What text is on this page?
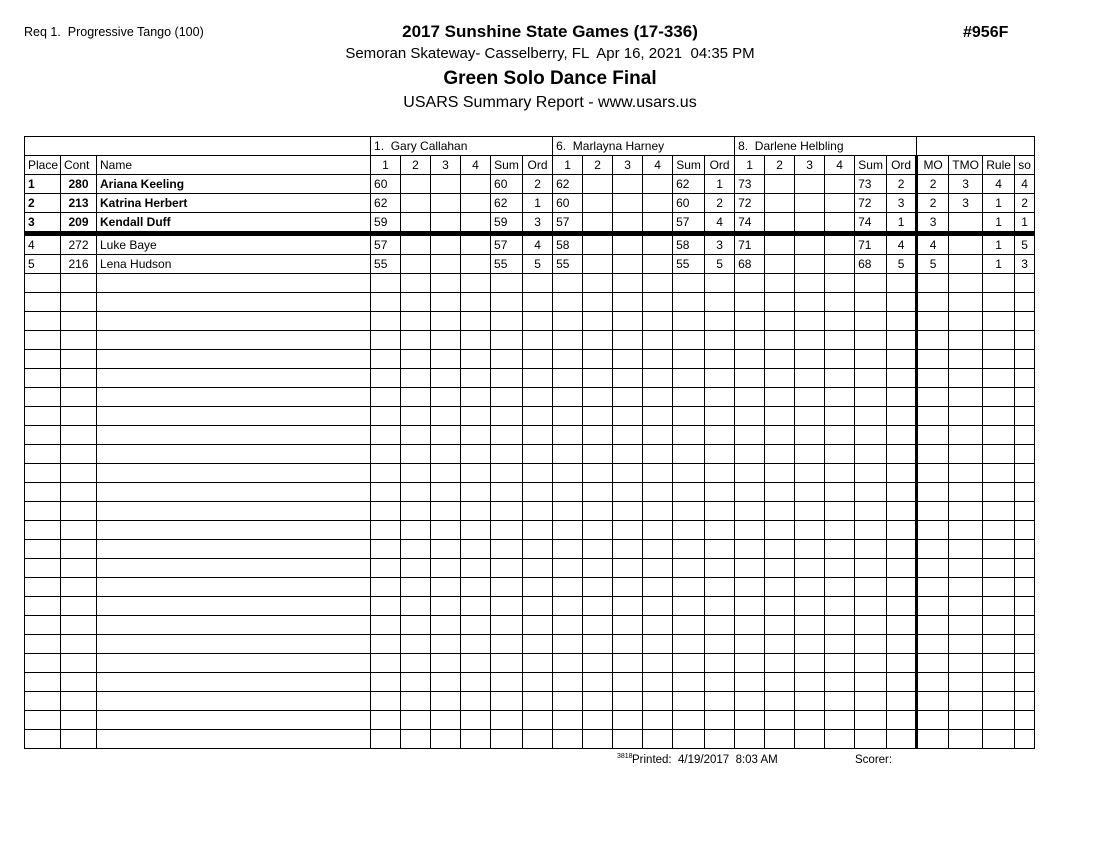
Req 1.  Progressive Tango (100)	#956F
2017 Sunshine State Games (17-336)
Semoran Skateway- Casselberry, FL  Apr 16, 2021  04:35 PM
Green Solo Dance Final
USARS Summary Report - www.usars.us
			1.  Gary Callahan						6.  Marlayna Harney						8.  Darlene Helbling									
Place	Cont	Name	1	2	3	4	Sum	Ord	1	2	3	4	Sum	Ord	1	2	3	4	Sum	Ord	MO	TMO	Rule	so
1	280	Ariana Keeling	60				60	2	62				62	1	73				73	2	2	3	4	4
2	213	Katrina Herbert	62				62	1	60				60	2	72				72	3	2	3	1	2
3	209	Kendall Duff	59				59	3	57				57	4	74				74	1	3		1	1
4	272	Luke Baye	57				57	4	58				58	3	71				71	4	4		1	5
5	216	Lena Hudson	55				55	5	55				55	5	68				68	5	5		1	3

3818 Printed:  4/19/2017  8:03 AM	Scorer:
